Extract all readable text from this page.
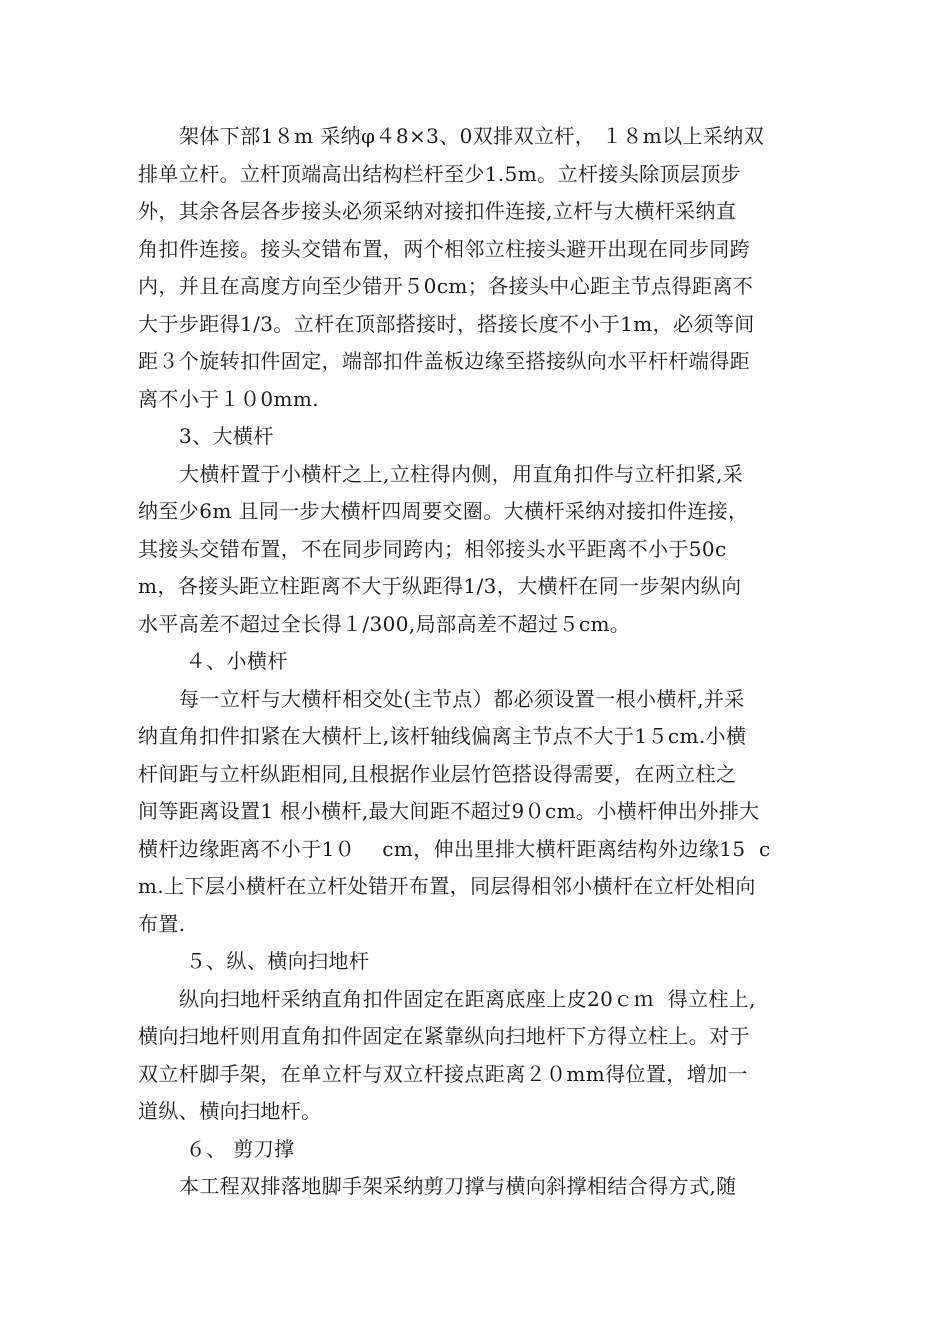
架体下部1８m 采纳φ４8×3、0双排双立杆， １８m以上采纳双
排单立杆。立杆顶端高出结构栏杆至少1.5m。立杆接头除顶层顶步
外，其余各层各步接头必须采纳对接扣件连接,立杆与大横杆采纳直
角扣件连接。接头交错布置，两个相邻立柱接头避开出现在同步同跨
内，并且在高度方向至少错开５0cm；各接头中心距主节点得距离不
大于步距得1/3。立杆在顶部搭接时，搭接长度不小于1m，必须等间
距３个旋转扣件固定，端部扣件盖板边缘至搭接纵向水平杆杆端得距
离不小于１０0mm.
3、大横杆
大横杆置于小横杆之上,立柱得内侧，用直角扣件与立杆扣紧,采
纳至少6m 且同一步大横杆四周要交圈。大横杆采纳对接扣件连接，
其接头交错布置，不在同步同跨内；相邻接头水平距离不小于50c
m，各接头距立柱距离不大于纵距得1/3，大横杆在同一步架内纵向
水平高差不超过全长得１/300,局部高差不超过５cm。
４、小横杆
每一立杆与大横杆相交处(主节点）都必须设置一根小横杆,并采
纳直角扣件扣紧在大横杆上,该杆轴线偏离主节点不大于1５cm.小横
杆间距与立杆纵距相同,且根据作业层竹笆搭设得需要，在两立柱之
间等距离设置1 根小横杆,最大间距不超过9０cm。小横杆伸出外排大
横杆边缘距离不小于1０　 cm，伸出里排大横杆距离结构外边缘15  c
m.上下层小横杆在立杆处错开布置，同层得相邻小横杆在立杆处相向
布置.
５、纵、横向扫地杆
纵向扫地杆采纳直角扣件固定在距离底座上皮20ｃｍ  得立柱上,
横向扫地杆则用直角扣件固定在紧靠纵向扫地杆下方得立柱上。对于
双立杆脚手架，在单立杆与双立杆接点距离２０mm得位置，增加一
道纵、横向扫地杆。
６、 剪刀撑
本工程双排落地脚手架采纳剪刀撑与横向斜撑相结合得方式,随
